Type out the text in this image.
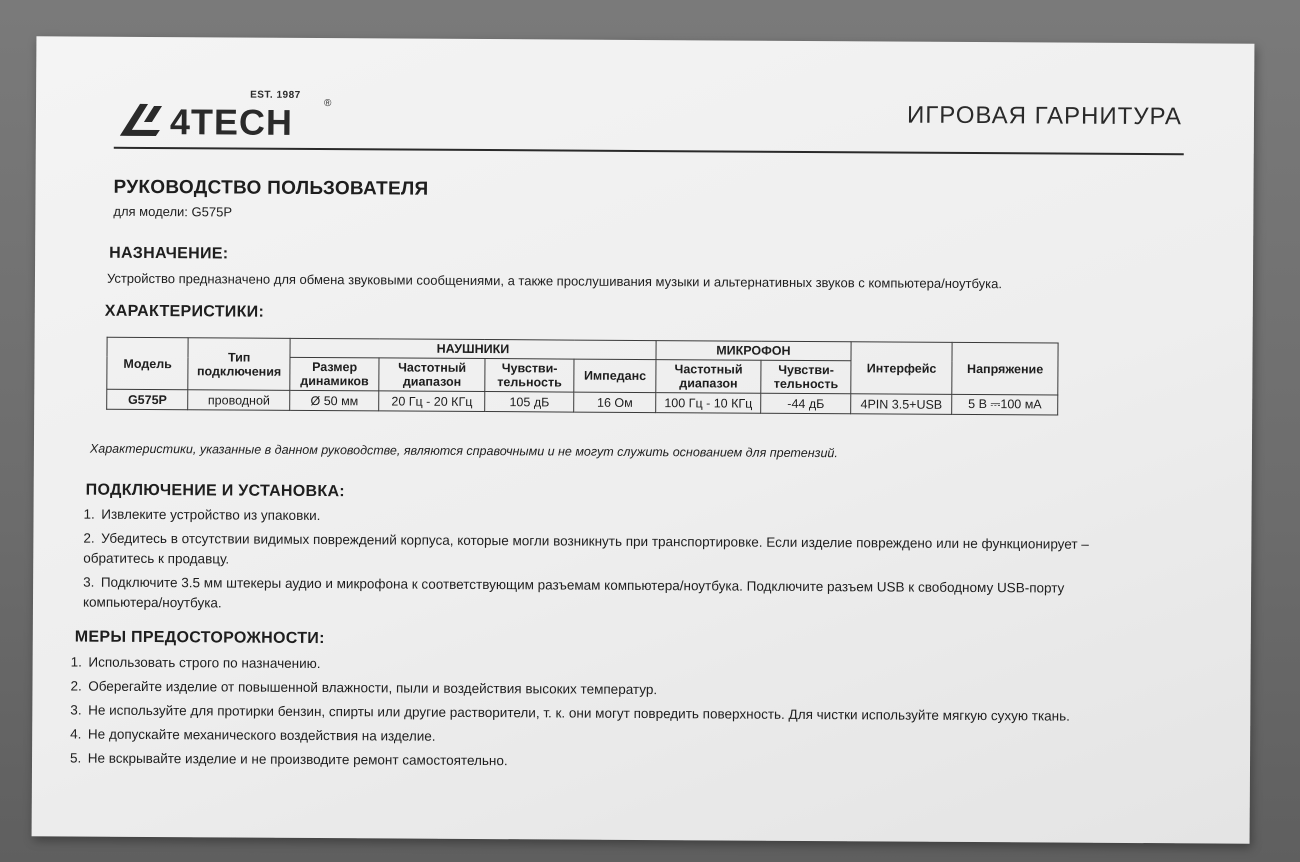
EST. 1987
4TECH	®	ИГРОВАЯ ГАРНИТУРА
РУКОВОДСТВО ПОЛЬЗОВАТЕЛЯ
для модели: G575P
НАЗНАЧЕНИЕ:
Устройство предназначено для обмена звуковыми сообщениями, а также прослушивания музыки и альтернативных звуков с компьютера/ноутбука.
ХАРАКТЕРИСТИКИ:
Модель	Тип подключения	НАУШНИКИ				МИКРОФОН		Интерфейс	Напряжение
		Размер динамиков	Частотный диапазон	Чувстви-тельность	Импеданс	Частотный диапазон	Чувстви-тельность		
G575P	проводной	Ø 50 мм	20 Гц - 20 КГц	105 дБ	16 Ом	100 Гц - 10 КГц	-44 дБ	4PIN 3.5+USB	5 В ⎓100 мА
Характеристики, указанные в данном руководстве, являются справочными и не могут служить основанием для претензий.
ПОДКЛЮЧЕНИЕ И УСТАНОВКА:
1. Извлеките устройство из упаковки.
2. Убедитесь в отсутствии видимых повреждений корпуса, которые могли возникнуть при транспортировке. Если изделие повреждено или не функционирует – обратитесь к продавцу.
3. Подключите 3.5 мм штекеры аудио и микрофона к соответствующим разъемам компьютера/ноутбука. Подключите разъем USB к свободному USB-порту компьютера/ноутбука.
МЕРЫ ПРЕДОСТОРОЖНОСТИ:
1. Использовать строго по назначению.
2. Оберегайте изделие от повышенной влажности, пыли и воздействия высоких температур.
3. Не используйте для протирки бензин, спирты или другие растворители, т. к. они могут повредить поверхность. Для чистки используйте мягкую сухую ткань.
4. Не допускайте механического воздействия на изделие.
5. Не вскрывайте изделие и не производите ремонт самостоятельно.
